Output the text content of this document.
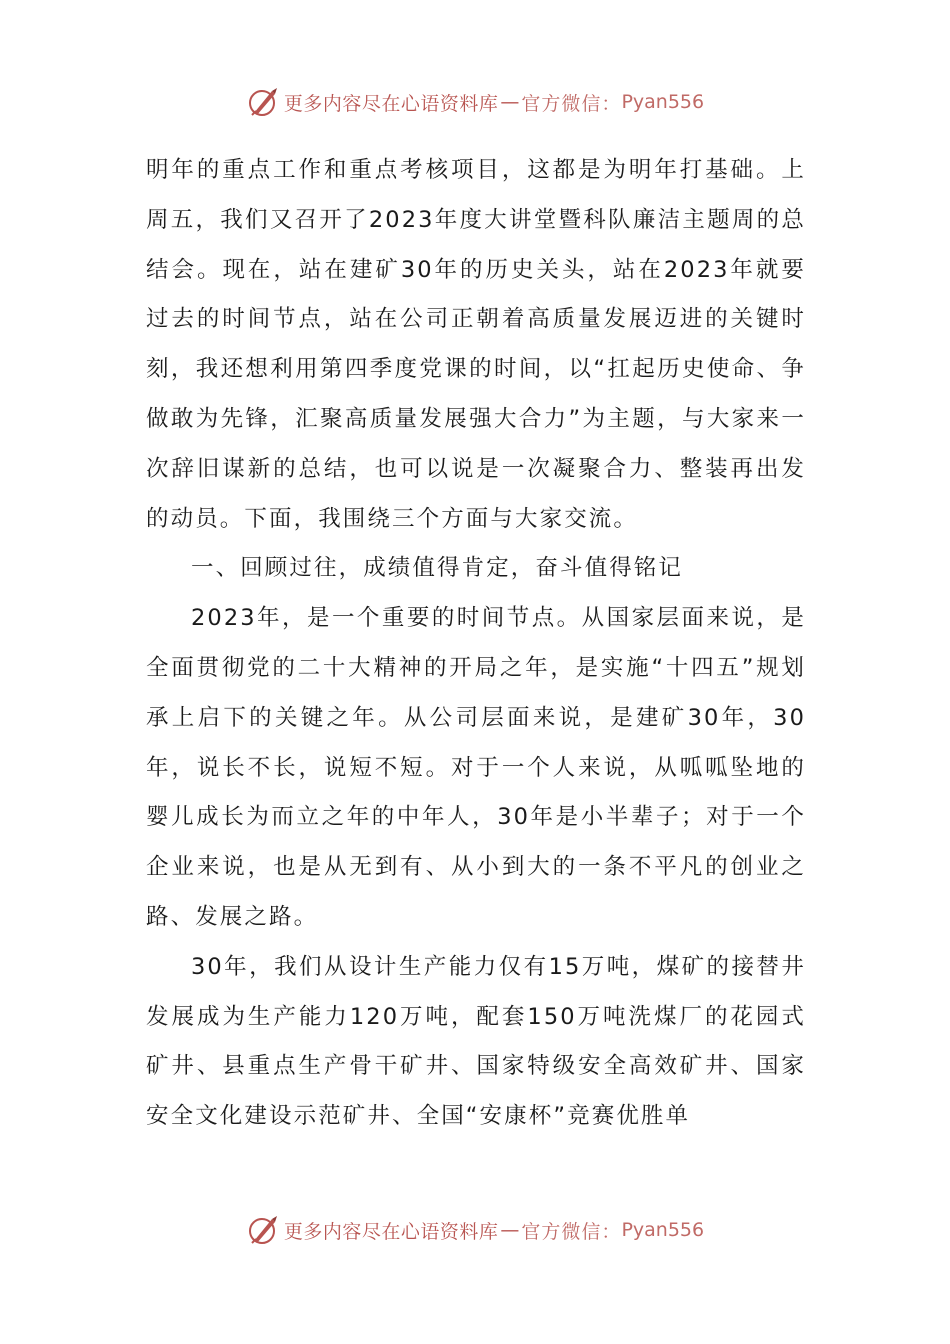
更多内容尽在心语资料库 — 官方微信： Pyan556

明年的重点工作和重点考核项目，这都是为明年打基础。上周五，我们又召开了2023年度大讲堂暨科队廉洁主题周的总结会。现在，站在建矿30年的历史关头，站在2023年就要过去的时间节点，站在公司正朝着高质量发展迈进的关键时刻，我还想利用第四季度党课的时间，以“扛起历史使命、争做敢为先锋，汇聚高质量发展强大合力”为主题，与大家来一次辞旧谋新的总结，也可以说是一次凝聚合力、整装再出发的动员。下面，我围绕三个方面与大家交流。

一、回顾过往，成绩值得肯定，奋斗值得铭记

2023年，是一个重要的时间节点。从国家层面来说，是全面贯彻党的二十大精神的开局之年，是实施“十四五”规划承上启下的关键之年。从公司层面来说，是建矿30年，30年，说长不长，说短不短。对于一个人来说，从呱呱坠地的婴儿成长为而立之年的中年人，30年是小半辈子；对于一个企业来说，也是从无到有、从小到大的一条不平凡的创业之路、发展之路。

30年，我们从设计生产能力仅有15万吨，煤矿的接替井发展成为生产能力120万吨，配套150万吨洗煤厂的花园式矿井、县重点生产骨干矿井、国家特级安全高效矿井、国家安全文化建设示范矿井、全国“安康杯”竞赛优胜单

更多内容尽在心语资料库 — 官方微信： Pyan556
